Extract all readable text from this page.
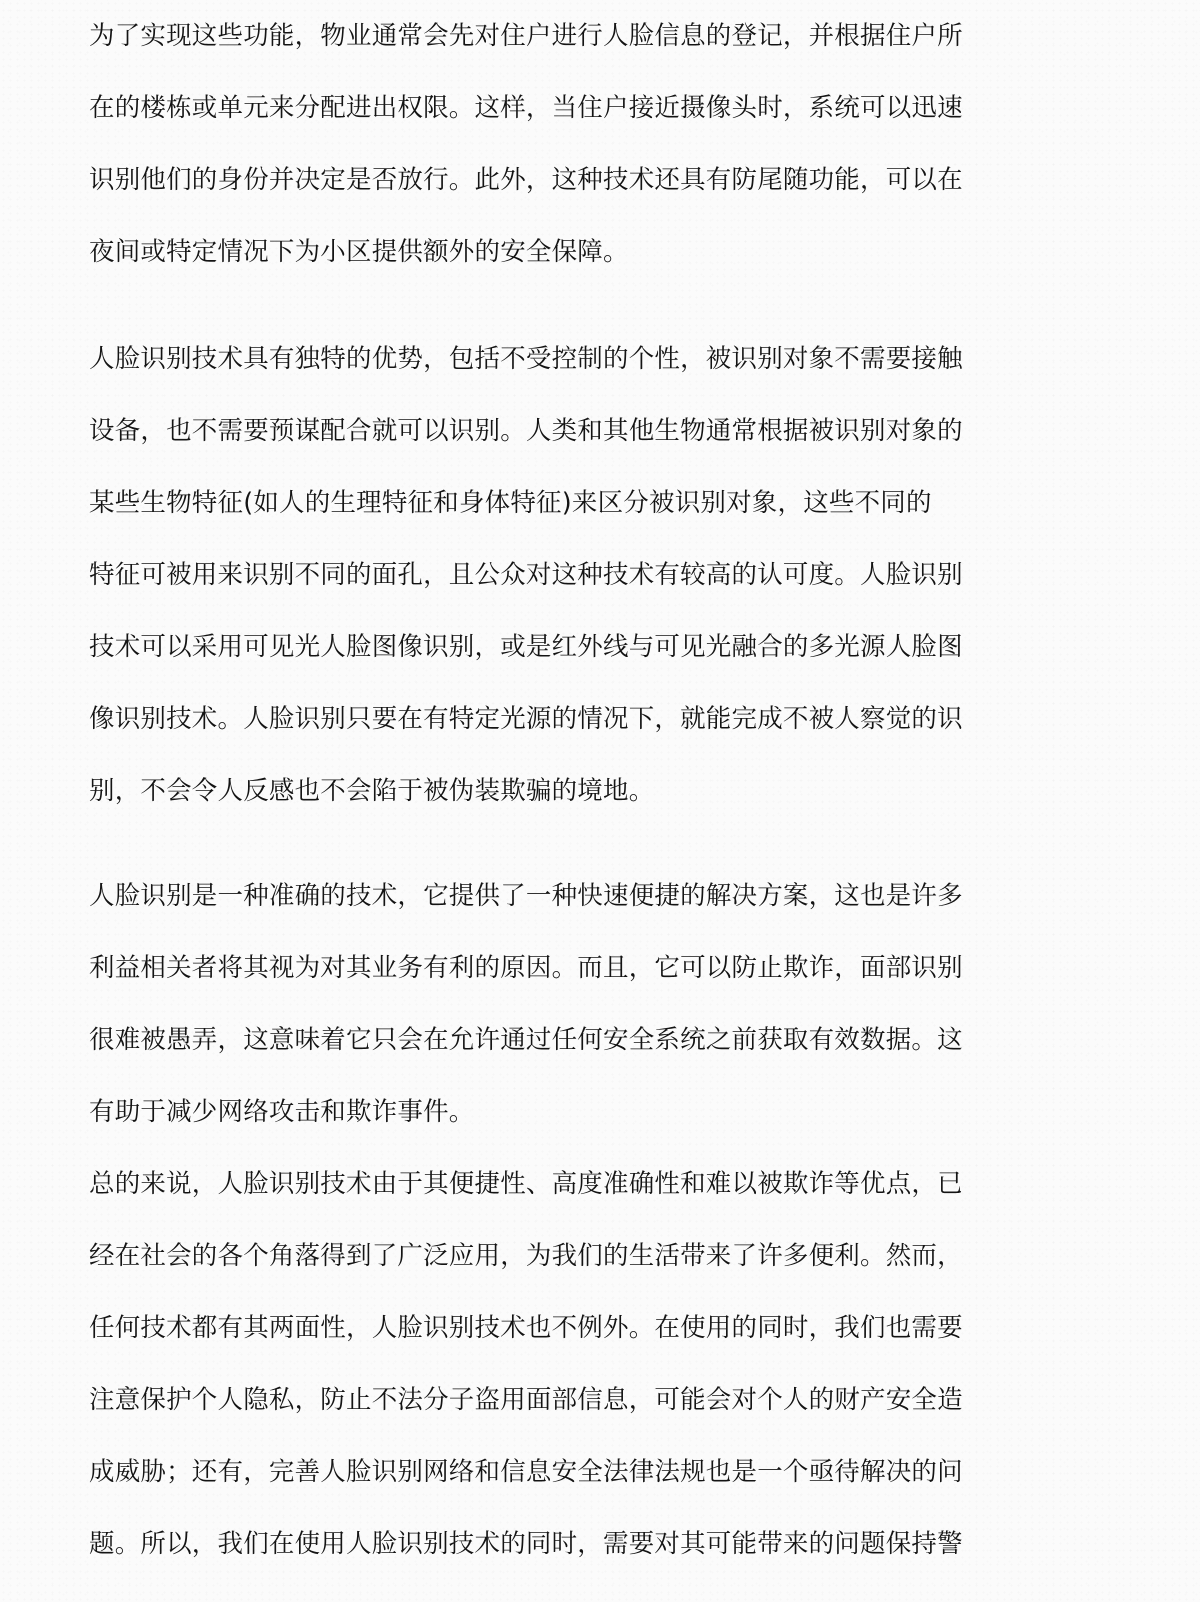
为了实现这些功能，物业通常会先对住户进行人脸信息的登记，并根据住户所
在的楼栋或单元来分配进出权限。这样，当住户接近摄像头时，系统可以迅速
识别他们的身份并决定是否放行。此外，这种技术还具有防尾随功能，可以在
夜间或特定情况下为小区提供额外的安全保障。
人脸识别技术具有独特的优势，包括不受控制的个性，被识别对象不需要接触
设备，也不需要预谋配合就可以识别。人类和其他生物通常根据被识别对象的
某些生物特征(如人的生理特征和身体特征)来区分被识别对象，这些不同的
特征可被用来识别不同的面孔，且公众对这种技术有较高的认可度。人脸识别
技术可以采用可见光人脸图像识别，或是红外线与可见光融合的多光源人脸图
像识别技术。人脸识别只要在有特定光源的情况下，就能完成不被人察觉的识
别，不会令人反感也不会陷于被伪装欺骗的境地。
人脸识别是一种准确的技术，它提供了一种快速便捷的解决方案，这也是许多
利益相关者将其视为对其业务有利的原因。而且，它可以防止欺诈，面部识别
很难被愚弄，这意味着它只会在允许通过任何安全系统之前获取有效数据。这
有助于减少网络攻击和欺诈事件。
总的来说，人脸识别技术由于其便捷性、高度准确性和难以被欺诈等优点，已
经在社会的各个角落得到了广泛应用，为我们的生活带来了许多便利。然而，
任何技术都有其两面性，人脸识别技术也不例外。在使用的同时，我们也需要
注意保护个人隐私，防止不法分子盗用面部信息，可能会对个人的财产安全造
成威胁；还有，完善人脸识别网络和信息安全法律法规也是一个亟待解决的问
题。所以，我们在使用人脸识别技术的同时，需要对其可能带来的问题保持警
